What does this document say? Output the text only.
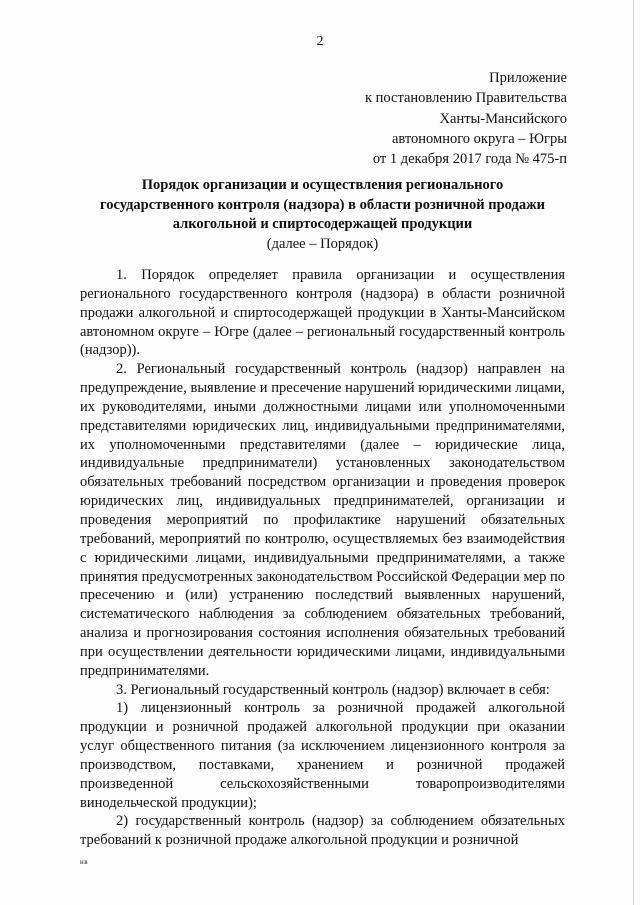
2
Приложение
к постановлению Правительства
Ханты-Мансийского
автономного округа – Югры
от 1 декабря 2017 года № 475-п
Порядок организации и осуществления регионального
государственного контроля (надзора) в области розничной продажи
алкогольной и спиртосодержащей продукции
(далее – Порядок)

1. Порядок определяет правила организации и осуществления регионального государственного контроля (надзора) в области розничной продажи алкогольной и спиртосодержащей продукции в Ханты-Мансийском автономном округе – Югре (далее – региональный государственный контроль (надзор)).

2. Региональный государственный контроль (надзор) направлен на предупреждение, выявление и пресечение нарушений юридическими лицами, их руководителями, иными должностными лицами или уполномоченными представителями юридических лиц, индивидуальными предпринимателями, их уполномоченными представителями (далее – юридические лица, индивидуальные предприниматели) установленных законодательством обязательных требований посредством организации и проведения проверок юридических лиц, индивидуальных предпринимателей, организации и проведения мероприятий по профилактике нарушений обязательных требований, мероприятий по контролю, осуществляемых без взаимодействия с юридическими лицами, индивидуальными предпринимателями, а также принятия предусмотренных законодательством Российской Федерации мер по пресечению и (или) устранению последствий выявленных нарушений, систематического наблюдения за соблюдением обязательных требований, анализа и прогнозирования состояния исполнения обязательных требований при осуществлении деятельности юридическими лицами, индивидуальными предпринимателями.

3. Региональный государственный контроль (надзор) включает в себя:

1) лицензионный контроль за розничной продажей алкогольной продукции и розничной продажей алкогольной продукции при оказании услуг общественного питания (за исключением лицензионного контроля за производством, поставками, хранением и розничной продажей произведенной сельскохозяйственными товаропроизводителями винодельческой продукции);

2) государственный контроль (надзор) за соблюдением обязательных требований к розничной продаже алкогольной продукции и розничной

нв
